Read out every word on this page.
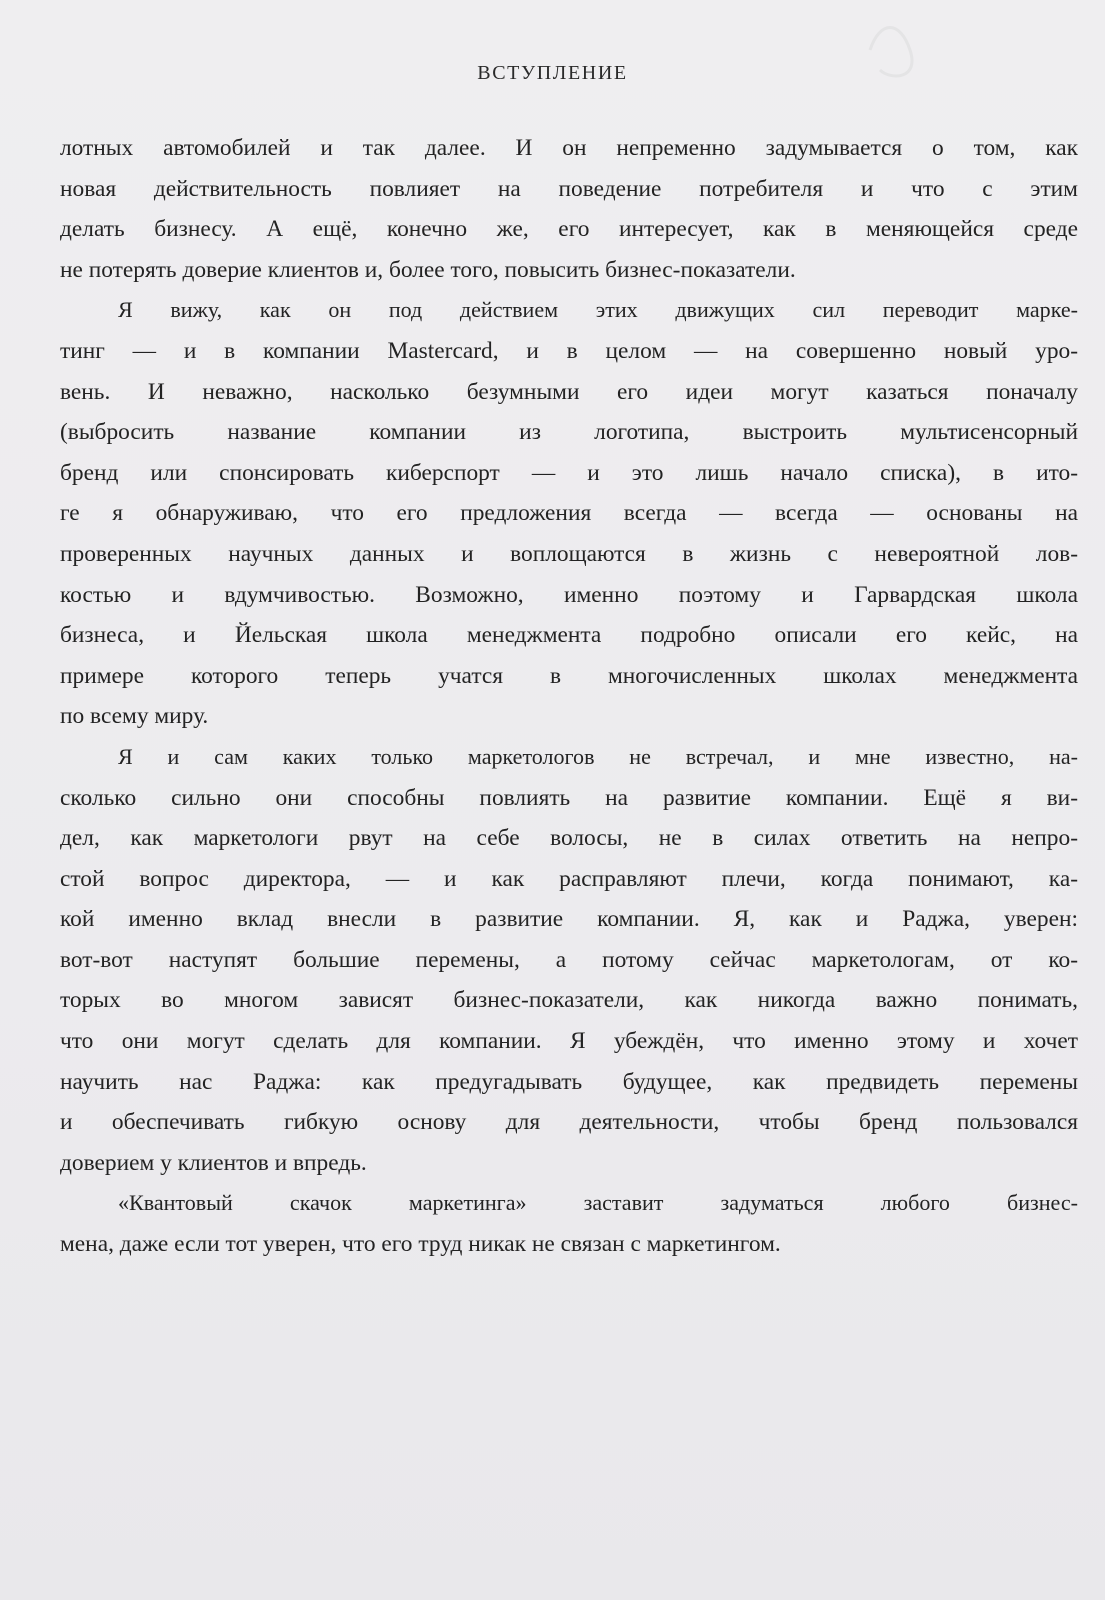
ВСТУПЛЕНИЕ

лотных автомобилей и так далее. И он непременно задумывается о том, как
новая действительность повлияет на поведение потребителя и что с этим
делать бизнесу. А ещё, конечно же, его интересует, как в меняющейся среде
не потерять доверие клиентов и, более того, повысить бизнес-показатели.

Я вижу, как он под действием этих движущих сил переводит марке-
тинг — и в компании Mastercard, и в целом — на совершенно новый уро-
вень. И неважно, насколько безумными его идеи могут казаться поначалу
(выбросить название компании из логотипа, выстроить мультисенсорный
бренд или спонсировать киберспорт — и это лишь начало списка), в ито-
ге я обнаруживаю, что его предложения всегда — всегда — основаны на
проверенных научных данных и воплощаются в жизнь с невероятной лов-
костью и вдумчивостью. Возможно, именно поэтому и Гарвардская школа
бизнеса, и Йельская школа менеджмента подробно описали его кейс, на
примере которого теперь учатся в многочисленных школах менеджмента
по всему миру.

Я и сам каких только маркетологов не встречал, и мне известно, на-
сколько сильно они способны повлиять на развитие компании. Ещё я ви-
дел, как маркетологи рвут на себе волосы, не в силах ответить на непро-
стой вопрос директора, — и как расправляют плечи, когда понимают, ка-
кой именно вклад внесли в развитие компании. Я, как и Раджа, уверен:
вот-вот наступят большие перемены, а потому сейчас маркетологам, от ко-
торых во многом зависят бизнес-показатели, как никогда важно понимать,
что они могут сделать для компании. Я убеждён, что именно этому и хочет
научить нас Раджа: как предугадывать будущее, как предвидеть перемены
и обеспечивать гибкую основу для деятельности, чтобы бренд пользовался
доверием у клиентов и впредь.

«Квантовый скачок маркетинга» заставит задуматься любого бизнес-
мена, даже если тот уверен, что его труд никак не связан с маркетингом.
